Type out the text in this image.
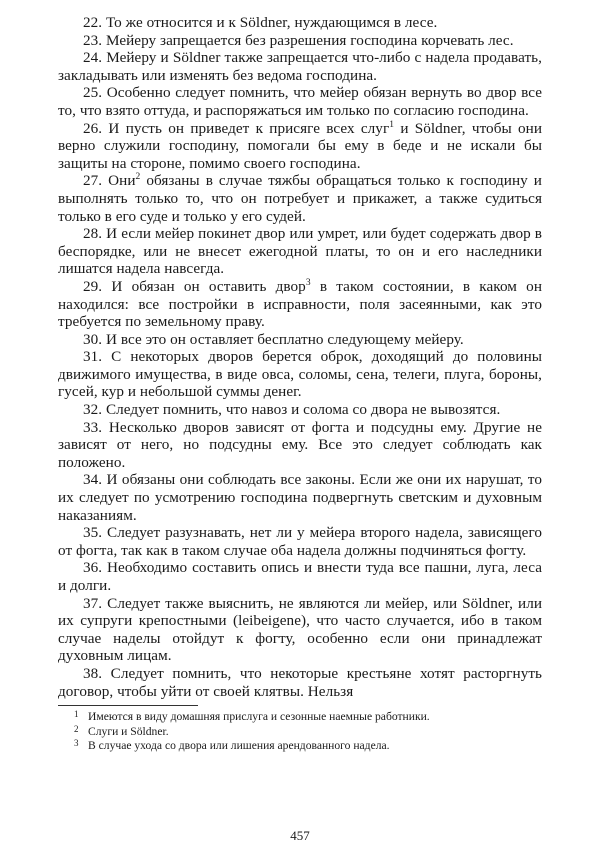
22. То же относится и к Söldner, нуждающимся в лесе.

23. Мейеру запрещается без разрешения господина корчевать лес.

24. Мейеру и Söldner также запрещается что-либо с надела продавать, закладывать или изменять без ведома господина.

25. Особенно следует помнить, что мейер обязан вернуть во двор все то, что взято оттуда, и распоряжаться им только по согласию господина.

26. И пусть он приведет к присяге всех слуг$^1$ и Söldner, чтобы они верно служили господину, помогали бы ему в беде и не искали бы защиты на стороне, помимо своего господина.

27. Они$^2$ обязаны в случае тяжбы обращаться только к господину и выполнять только то, что он потребует и прикажет, а также судиться только в его суде и только у его судей.

28. И если мейер покинет двор или умрет, или будет содержать двор в беспорядке, или не внесет ежегодной платы, то он и его наследники лишатся надела навсегда.

29. И обязан он оставить двор$^3$ в таком состоянии, в каком он находился: все постройки в исправности, поля засеянными, как это требуется по земельному праву.

30. И все это он оставляет бесплатно следующему мейеру.

31. С некоторых дворов берется оброк, доходящий до половины движимого имущества, в виде овса, соломы, сена, телеги, плуга, бороны, гусей, кур и небольшой суммы денег.

32. Следует помнить, что навоз и солома со двора не вывозятся.

33. Несколько дворов зависят от фогта и подсудны ему. Другие не зависят от него, но подсудны ему. Все это следует соблюдать как положено.

34. И обязаны они соблюдать все законы. Если же они их нарушат, то их следует по усмотрению господина подвергнуть светским и духовным наказаниям.

35. Следует разузнавать, нет ли у мейера второго надела, зависящего от фогта, так как в таком случае оба надела должны подчиняться фогту.

36. Необходимо составить опись и внести туда все пашни, луга, леса и долги.

37. Следует также выяснить, не являются ли мейер, или Söldner, или их супруги крепостными (leibeigene), что часто случается, ибо в таком случае наделы отойдут к фогту, особенно если они принадлежат духовным лицам.

38. Следует помнить, что некоторые крестьяне хотят расторгнуть договор, чтобы уйти от своей клятвы. Нельзя

1 Имеются в виду домашняя прислуга и сезонные наемные работники.

2 Слуги и Söldner.

3 В случае ухода со двора или лишения арендованного надела.

457
